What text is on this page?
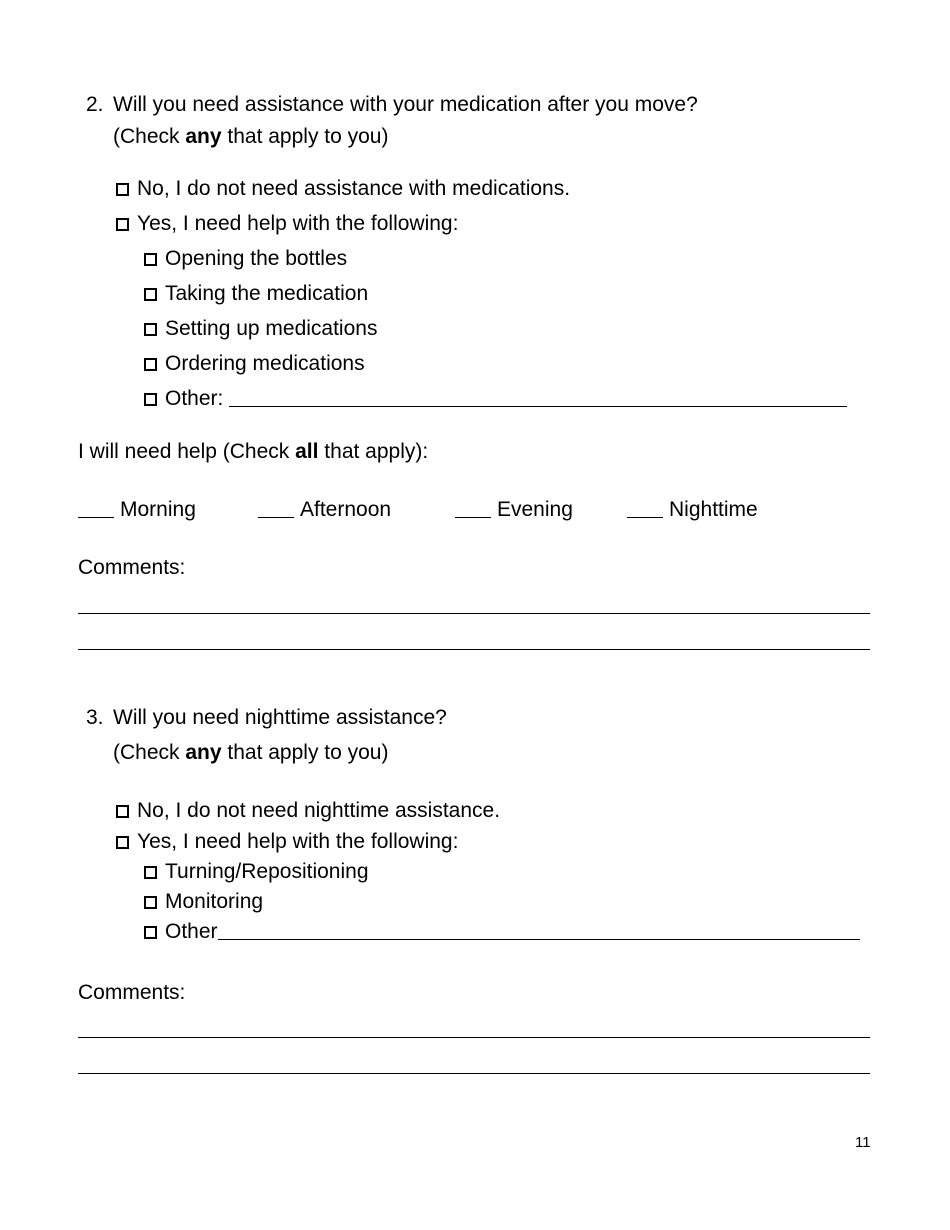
2. Will you need assistance with your medication after you move?
(Check any that apply to you)
No, I do not need assistance with medications.
Yes, I need help with the following:
Opening the bottles
Taking the medication
Setting up medications
Ordering medications
Other:
I will need help (Check all that apply):
Morning	Afternoon	Evening	Nighttime
Comments:
3. Will you need nighttime assistance?
(Check any that apply to you)
No, I do not need nighttime assistance.
Yes, I need help with the following:
Turning/Repositioning
Monitoring
Other
Comments:
11
